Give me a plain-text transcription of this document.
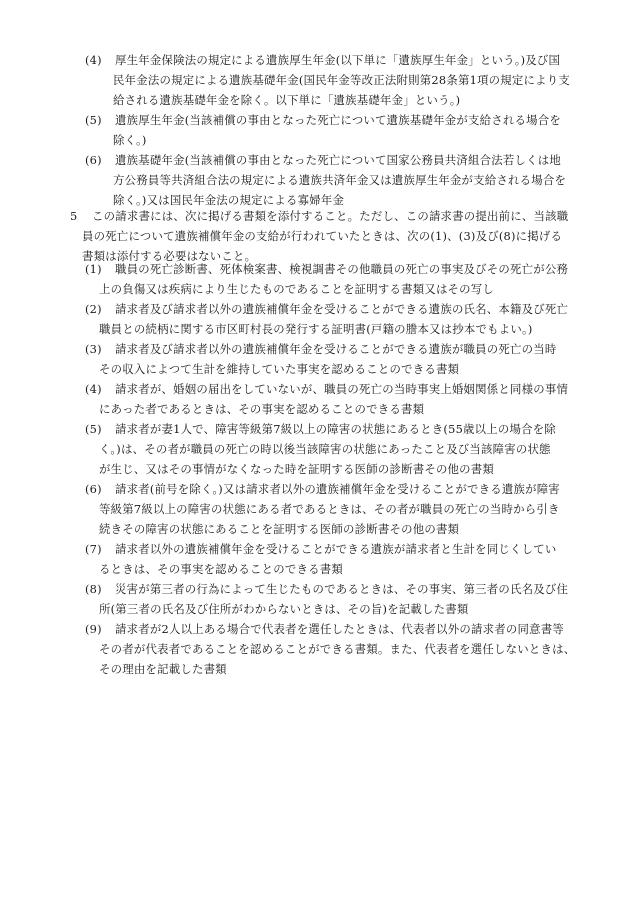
(4) 厚生年金保険法の規定による遺族厚生年金(以下単に「遺族厚生年金」という。)及び国
民年金法の規定による遺族基礎年金(国民年金等改正法附則第28条第1項の規定により支
給される遺族基礎年金を除く。以下単に「遺族基礎年金」という。)
(5) 遺族厚生年金(当該補償の事由となった死亡について遺族基礎年金が支給される場合を
除く。)
(6) 遺族基礎年金(当該補償の事由となった死亡について国家公務員共済組合法若しくは地
方公務員等共済組合法の規定による遺族共済年金又は遺族厚生年金が支給される場合を
除く。)又は国民年金法の規定による寡婦年金
5 この請求書には、次に掲げる書類を添付すること。ただし、この請求書の提出前に、当該職
員の死亡について遺族補償年金の支給が行われていたときは、次の(1)、(3)及び(8)に掲げる
書類は添付する必要はないこと。
(1) 職員の死亡診断書、死体検案書、検視調書その他職員の死亡の事実及びその死亡が公務
上の負傷又は疾病により生じたものであることを証明する書類又はその写し
(2) 請求者及び請求者以外の遺族補償年金を受けることができる遺族の氏名、本籍及び死亡
職員との続柄に関する市区町村長の発行する証明書(戸籍の謄本又は抄本でもよい。)
(3) 請求者及び請求者以外の遺族補償年金を受けることができる遺族が職員の死亡の当時
その収入によつて生計を維持していた事実を認めることのできる書類
(4) 請求者が、婚姻の届出をしていないが、職員の死亡の当時事実上婚姻関係と同様の事情
にあった者であるときは、その事実を認めることのできる書類
(5) 請求者が妻1人で、障害等級第7級以上の障害の状態にあるとき(55歳以上の場合を除
く。)は、その者が職員の死亡の時以後当該障害の状態にあったこと及び当該障害の状態
が生じ、又はその事情がなくなった時を証明する医師の診断書その他の書類
(6) 請求者(前号を除く。)又は請求者以外の遺族補償年金を受けることができる遺族が障害
等級第7級以上の障害の状態にある者であるときは、その者が職員の死亡の当時から引き
続きその障害の状態にあることを証明する医師の診断書その他の書類
(7) 請求者以外の遺族補償年金を受けることができる遺族が請求者と生計を同じくしてい
るときは、その事実を認めることのできる書類
(8) 災害が第三者の行為によって生じたものであるときは、その事実、第三者の氏名及び住
所(第三者の氏名及び住所がわからないときは、その旨)を記載した書類
(9) 請求者が2人以上ある場合で代表者を選任したときは、代表者以外の請求者の同意書等
その者が代表者であることを認めることができる書類。また、代表者を選任しないときは、
その理由を記載した書類
